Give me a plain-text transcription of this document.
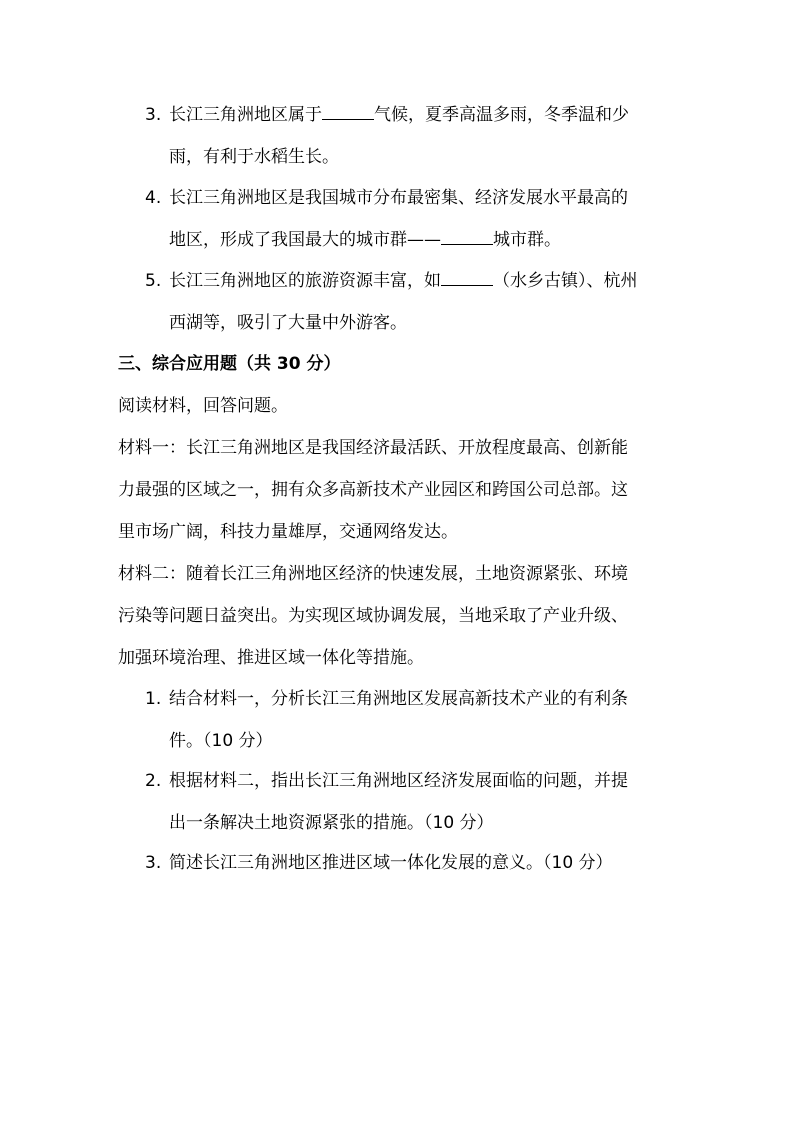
3. 长江三角洲地区属于	气候，夏季高温多雨，冬季温和少
雨，有利于水稻生长。
4. 长江三角洲地区是我国城市分布最密集、经济发展水平最高的
地区，形成了我国最大的城市群——	城市群。
5. 长江三角洲地区的旅游资源丰富，如	（水乡古镇）、杭州
西湖等，吸引了大量中外游客。
三、综合应用题（共 30 分）
阅读材料，回答问题。
材料一：长江三角洲地区是我国经济最活跃、开放程度最高、创新能
力最强的区域之一，拥有众多高新技术产业园区和跨国公司总部。这
里市场广阔，科技力量雄厚，交通网络发达。
材料二：随着长江三角洲地区经济的快速发展，土地资源紧张、环境
污染等问题日益突出。为实现区域协调发展，当地采取了产业升级、
加强环境治理、推进区域一体化等措施。
1. 结合材料一，分析长江三角洲地区发展高新技术产业的有利条
件。（10 分）
2. 根据材料二，指出长江三角洲地区经济发展面临的问题，并提
出一条解决土地资源紧张的措施。（10 分）
3. 简述长江三角洲地区推进区域一体化发展的意义。（10 分）
